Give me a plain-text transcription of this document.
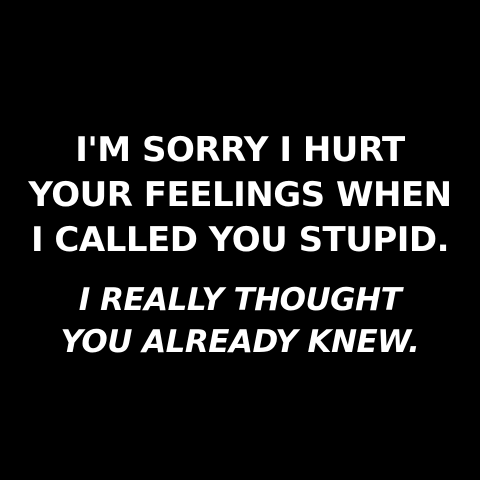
I'M SORRY I HURT
YOUR FEELINGS WHEN
I CALLED YOU STUPID.
I REALLY THOUGHT
YOU ALREADY KNEW.
